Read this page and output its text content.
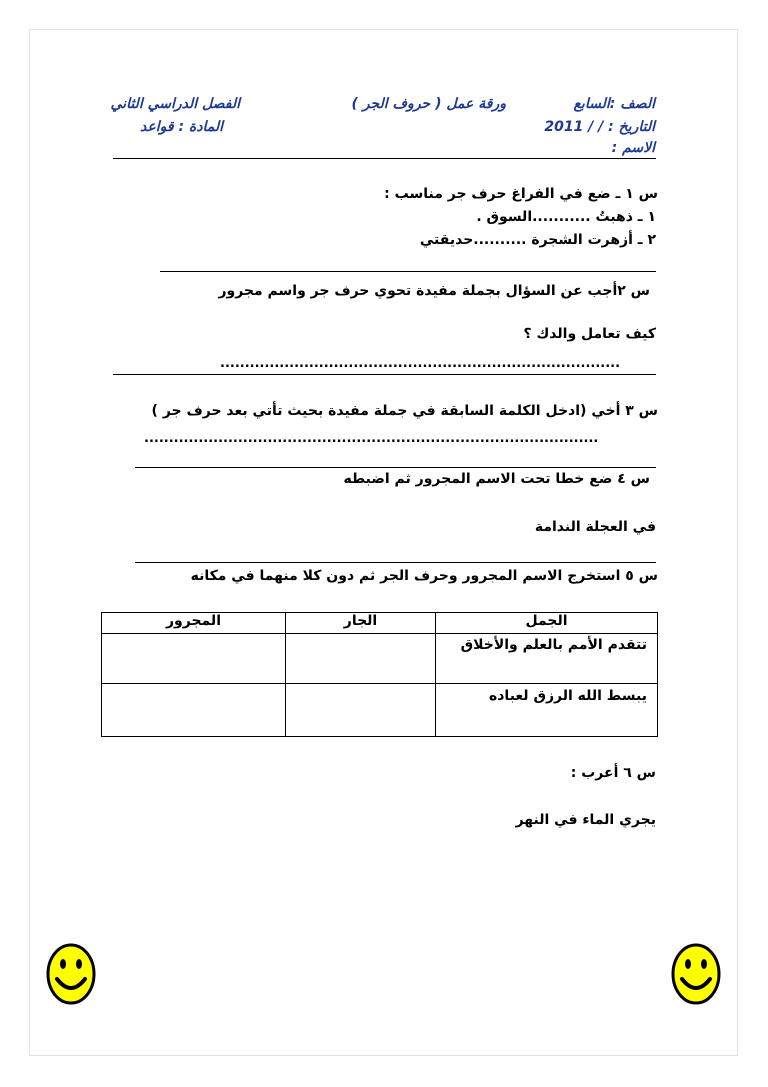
الصف :السابع
ورقة عمل ( حروف الجر )
الفصل الدراسي الثاني
التاريخ : / / 2011
المادة : قواعد
الاسم :
س ١ ـ ضع في الفراغ حرف جر مناسب :
١ ـ ذهبتُ ...........السوق .
٢ ـ أزهرت الشجرة ..........حديقتي
س ٢أجب عن السؤال بجملة مفيدة تحوي حرف جر واسم مجرور
كيف تعامل والدك ؟
.................................................................................
س ٣ أخي (ادخل الكلمة السابقة في جملة مفيدة بحيث تأتي بعد حرف جر )
............................................................................................
س ٤ ضع خطا تحت الاسم المجرور ثم اضبطه
في العجلة الندامة
س ٥ استخرج الاسم المجرور وحرف الجر ثم دون كلا منهما في مكانه
الجمل	الجار	المجرور
تتقدم الأمم بالعلم والأخلاق		
يبسط الله الرزق لعباده		
س ٦ أعرب :
يجري الماء في النهر
